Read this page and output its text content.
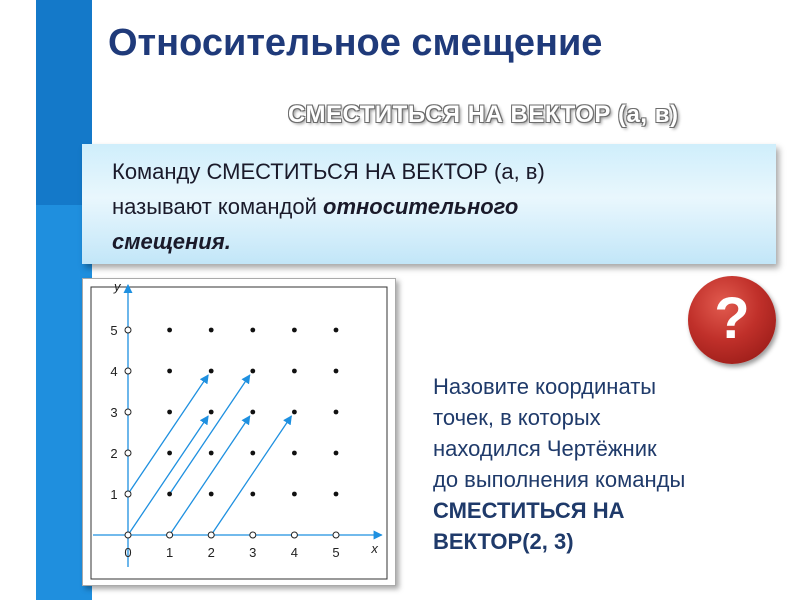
Относительное смещение
СМЕСТИТЬСЯ НА ВЕКТОР (а, в)
Команду СМЕСТИТЬСЯ НА ВЕКТОР (а, в)
называют командой относительного
смещения.
0	1	2	3	4	5
1
2
3
4
5
x
y	?
Назовите координаты
точек, в которых
находился Чертёжник
до выполнения команды
СМЕСТИТЬСЯ НА
ВЕКТОР(2, 3)
